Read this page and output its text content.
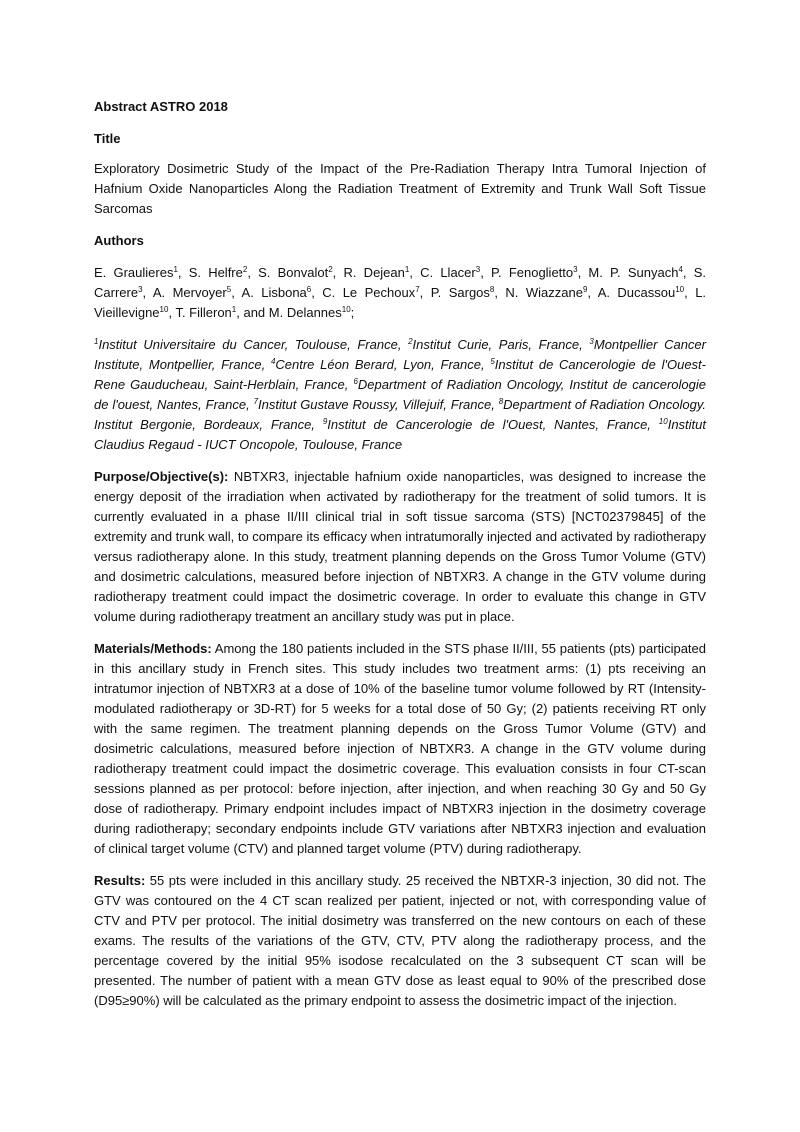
Abstract ASTRO 2018
Title

Exploratory Dosimetric Study of the Impact of the Pre-Radiation Therapy Intra Tumoral Injection of Hafnium Oxide Nanoparticles Along the Radiation Treatment of Extremity and Trunk Wall Soft Tissue Sarcomas

Authors

E. Graulieres$^1$, S. Helfre$^2$, S. Bonvalot$^2$, R. Dejean$^1$, C. Llacer$^3$, P. Fenoglietto$^3$, M. P. Sunyach$^4$, S. Carrere$^3$, A. Mervoyer$^5$, A. Lisbona$^6$, C. Le Pechoux$^7$, P. Sargos$^8$, N. Wiazzane$^9$, A. Ducassou$^{10}$, L. Vieillevigne$^{10}$, T. Filleron$^1$, and M. Delannes$^{10}$;

$^1$Institut Universitaire du Cancer, Toulouse, France, $^2$Institut Curie, Paris, France, $^3$Montpellier Cancer Institute, Montpellier, France, $^4$Centre Léon Berard, Lyon, France, $^5$Institut de Cancerologie de l'Ouest-Rene Gauducheau, Saint-Herblain, France, $^6$Department of Radiation Oncology, Institut de cancerologie de l'ouest, Nantes, France, $^7$Institut Gustave Roussy, Villejuif, France, $^8$Department of Radiation Oncology. Institut Bergonie, Bordeaux, France, $^9$Institut de Cancerologie de l'Ouest, Nantes, France, $^{10}$Institut Claudius Regaud - IUCT Oncopole, Toulouse, France

Purpose/Objective(s): NBTXR3, injectable hafnium oxide nanoparticles, was designed to increase the energy deposit of the irradiation when activated by radiotherapy for the treatment of solid tumors. It is currently evaluated in a phase II/III clinical trial in soft tissue sarcoma (STS) [NCT02379845] of the extremity and trunk wall, to compare its efficacy when intratumorally injected and activated by radiotherapy versus radiotherapy alone. In this study, treatment planning depends on the Gross Tumor Volume (GTV) and dosimetric calculations, measured before injection of NBTXR3. A change in the GTV volume during radiotherapy treatment could impact the dosimetric coverage. In order to evaluate this change in GTV volume during radiotherapy treatment an ancillary study was put in place.

Materials/Methods: Among the 180 patients included in the STS phase II/III, 55 patients (pts) participated in this ancillary study in French sites. This study includes two treatment arms: (1) pts receiving an intratumor injection of NBTXR3 at a dose of 10% of the baseline tumor volume followed by RT (Intensity-modulated radiotherapy or 3D-RT) for 5 weeks for a total dose of 50 Gy; (2) patients receiving RT only with the same regimen. The treatment planning depends on the Gross Tumor Volume (GTV) and dosimetric calculations, measured before injection of NBTXR3. A change in the GTV volume during radiotherapy treatment could impact the dosimetric coverage. This evaluation consists in four CT-scan sessions planned as per protocol: before injection, after injection, and when reaching 30 Gy and 50 Gy dose of radiotherapy. Primary endpoint includes impact of NBTXR3 injection in the dosimetry coverage during radiotherapy; secondary endpoints include GTV variations after NBTXR3 injection and evaluation of clinical target volume (CTV) and planned target volume (PTV) during radiotherapy.

Results: 55 pts were included in this ancillary study. 25 received the NBTXR-3 injection, 30 did not. The GTV was contoured on the 4 CT scan realized per patient, injected or not, with corresponding value of CTV and PTV per protocol. The initial dosimetry was transferred on the new contours on each of these exams. The results of the variations of the GTV, CTV, PTV along the radiotherapy process, and the percentage covered by the initial 95% isodose recalculated on the 3 subsequent CT scan will be presented. The number of patient with a mean GTV dose as least equal to 90% of the prescribed dose (D95≥90%) will be calculated as the primary endpoint to assess the dosimetric impact of the injection.
